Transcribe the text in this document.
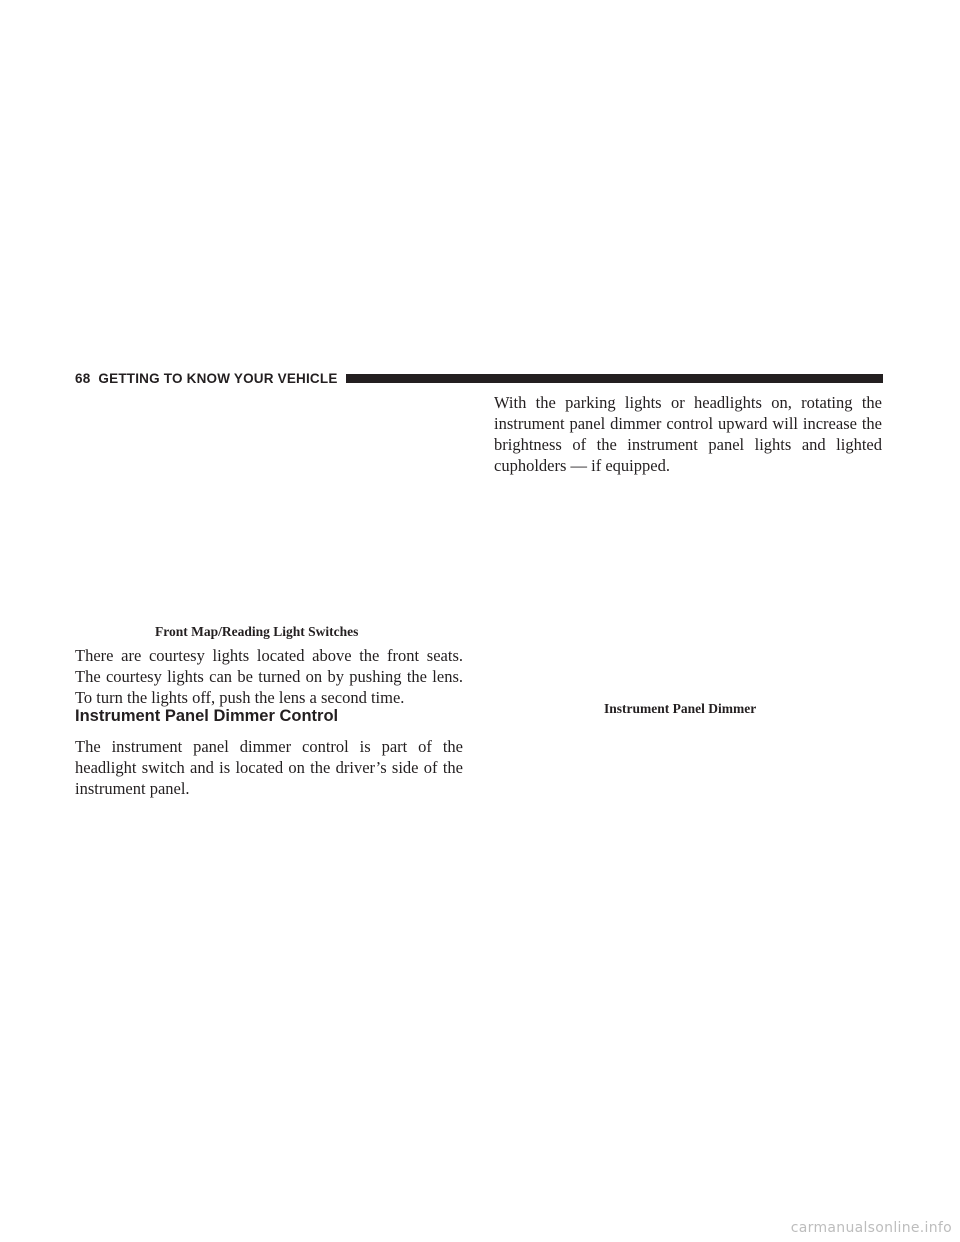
68 GETTING TO KNOW YOUR VEHICLE
Front Map/Reading Light Switches

There are courtesy lights located above the front seats. The courtesy lights can be turned on by pushing the lens. To turn the lights off, push the lens a second time.

Instrument Panel Dimmer Control

The instrument panel dimmer control is part of the headlight switch and is located on the driver’s side of the instrument panel.

With the parking lights or headlights on, rotating the instrument panel dimmer control upward will increase the brightness of the instrument panel lights and lighted cupholders — if equipped.

Instrument Panel Dimmer
carmanualsonline.info
